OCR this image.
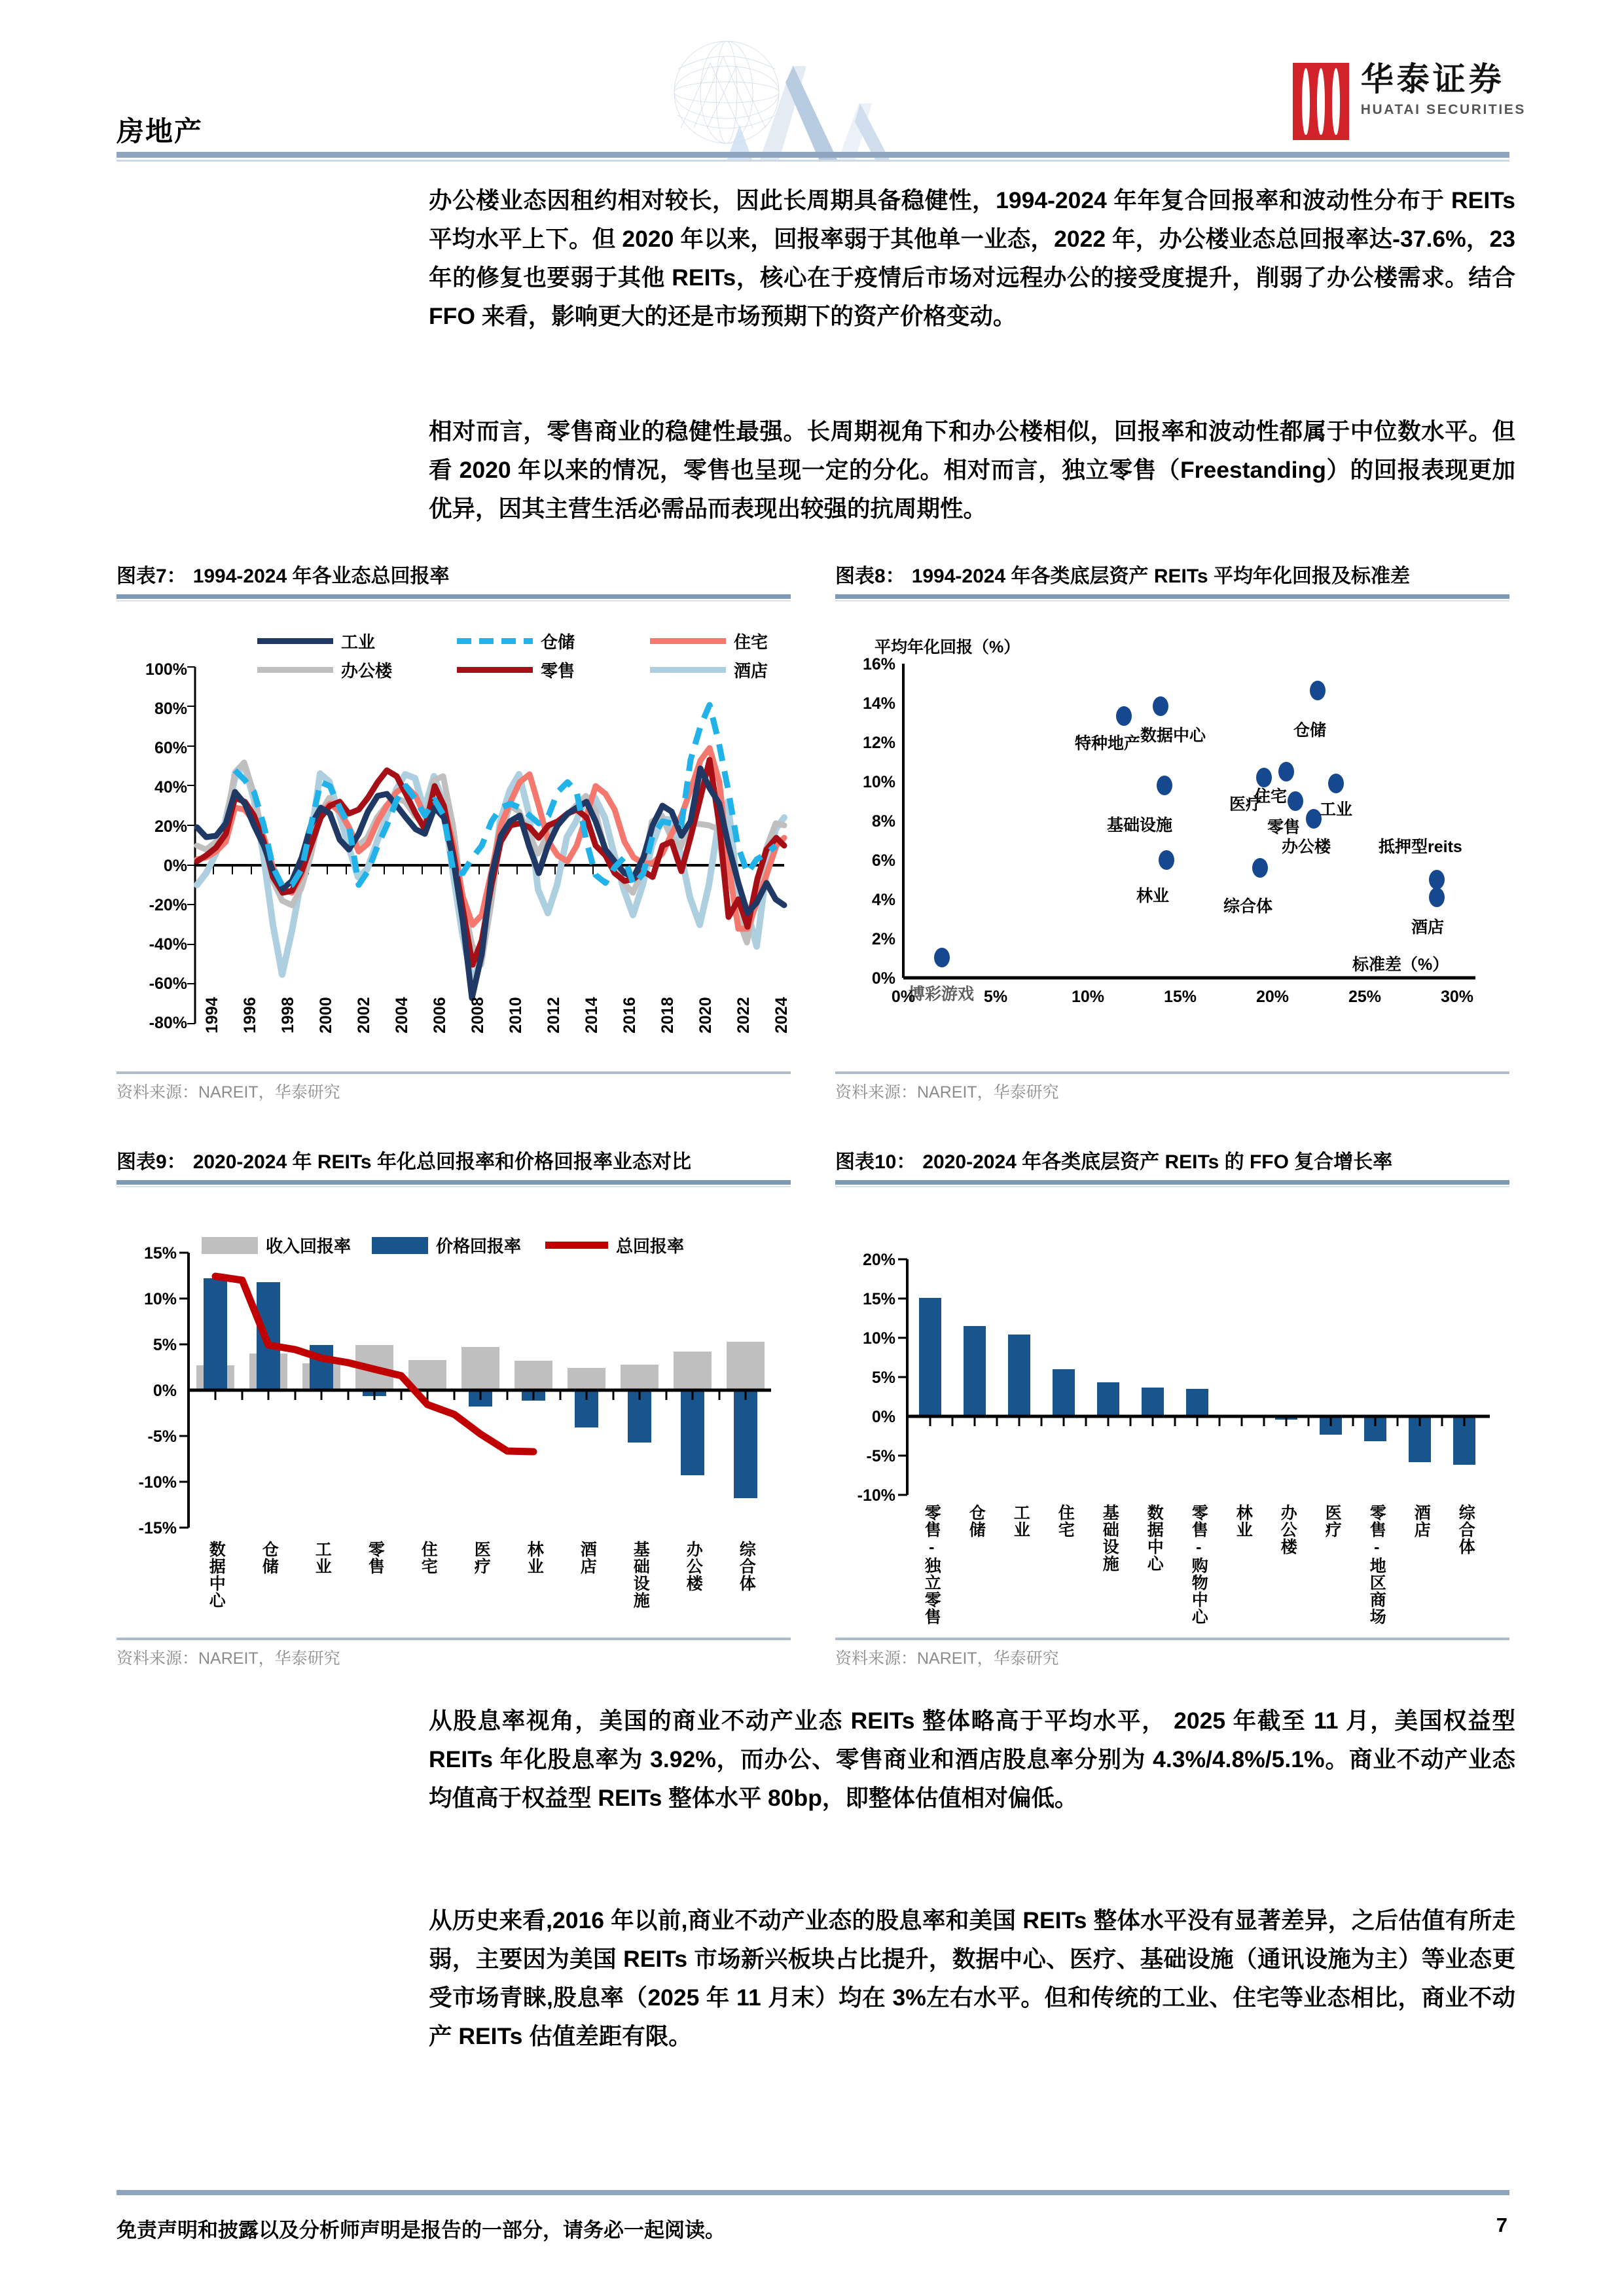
房地产
华泰证券
HUATAI SECURITIES
办公楼业态因租约相对较长，因此长周期具备稳健性，1994-2024 年年复合回报率和波动性分布于 REITs 平均水平上下。但 2020 年以来，回报率弱于其他单一业态，2022 年，办公楼业态总回报率达-37.6%，23 年的修复也要弱于其他 REITs，核心在于疫情后市场对远程办公的接受度提升，削弱了办公楼需求。结合 FFO 来看，影响更大的还是市场预期下的资产价格变动。
相对而言，零售商业的稳健性最强。长周期视角下和办公楼相似，回报率和波动性都属于中位数水平。但看 2020 年以来的情况，零售也呈现一定的分化。相对而言，独立零售（Freestanding）的回报表现更加优异，因其主营生活必需品而表现出较强的抗周期性。
图表7： 1994-2024 年各业态总回报率
工业	仓储	住宅
办公楼	零售	酒店
100%
80%
60%
40%
20%
0%
-20%
-40%
-60%
-80% 1994 1996 1998 2000 2002 2004 2006 2008 2010 2012 2014 2016 2018 2020 2022 2024
资料来源：NAREIT，华泰研究
图表8： 1994-2024 年各类底层资产 REITs 平均年化回报及标准差
平均年化回报（%）
标准差（%）
16%
14%
12%
10%
8%
6%
4%
2%
0%
特种地产 数据中心	仓储
医疗
住宅
工业
零售
办公楼
基础设施
林业
综合体
抵押型reits
酒店
博彩游戏
0%	5%	10%	15%	20%	25%	30%
资料来源：NAREIT，华泰研究
图表9： 2020-2024 年 REITs 年化总回报率和价格回报率业态对比
收入回报率	价格回报率	总回报率
15%
10%
5%
0%
-5%
-10%
-15%
数据中心 仓储 工业 零售 住宅 医疗 林业 酒店 基础设施 办公楼 综合体
资料来源：NAREIT，华泰研究
图表10： 2020-2024 年各类底层资产 REITs 的 FFO 复合增长率
20%
15%
10%
5%
0%
-5%
-10%
零售-独立零售 仓储 工业 住宅 基础设施 数据中心 零售-购物中心 林业 办公楼 医疗 零售-地区商场 酒店 综合体
资料来源：NAREIT，华泰研究
从股息率视角，美国的商业不动产业态 REITs 整体略高于平均水平， 2025 年截至 11 月，美国权益型 REITs 年化股息率为 3.92%，而办公、零售商业和酒店股息率分别为 4.3%/4.8%/5.1%。商业不动产业态均值高于权益型 REITs 整体水平 80bp，即整体估值相对偏低。
从历史来看,2016 年以前,商业不动产业态的股息率和美国 REITs 整体水平没有显著差异，之后估值有所走弱，主要因为美国 REITs 市场新兴板块占比提升，数据中心、医疗、基础设施（通讯设施为主）等业态更受市场青睐,股息率（2025 年 11 月末）均在 3%左右水平。但和传统的工业、住宅等业态相比，商业不动产 REITs 估值差距有限。
免责声明和披露以及分析师声明是报告的一部分，请务必一起阅读。	7
